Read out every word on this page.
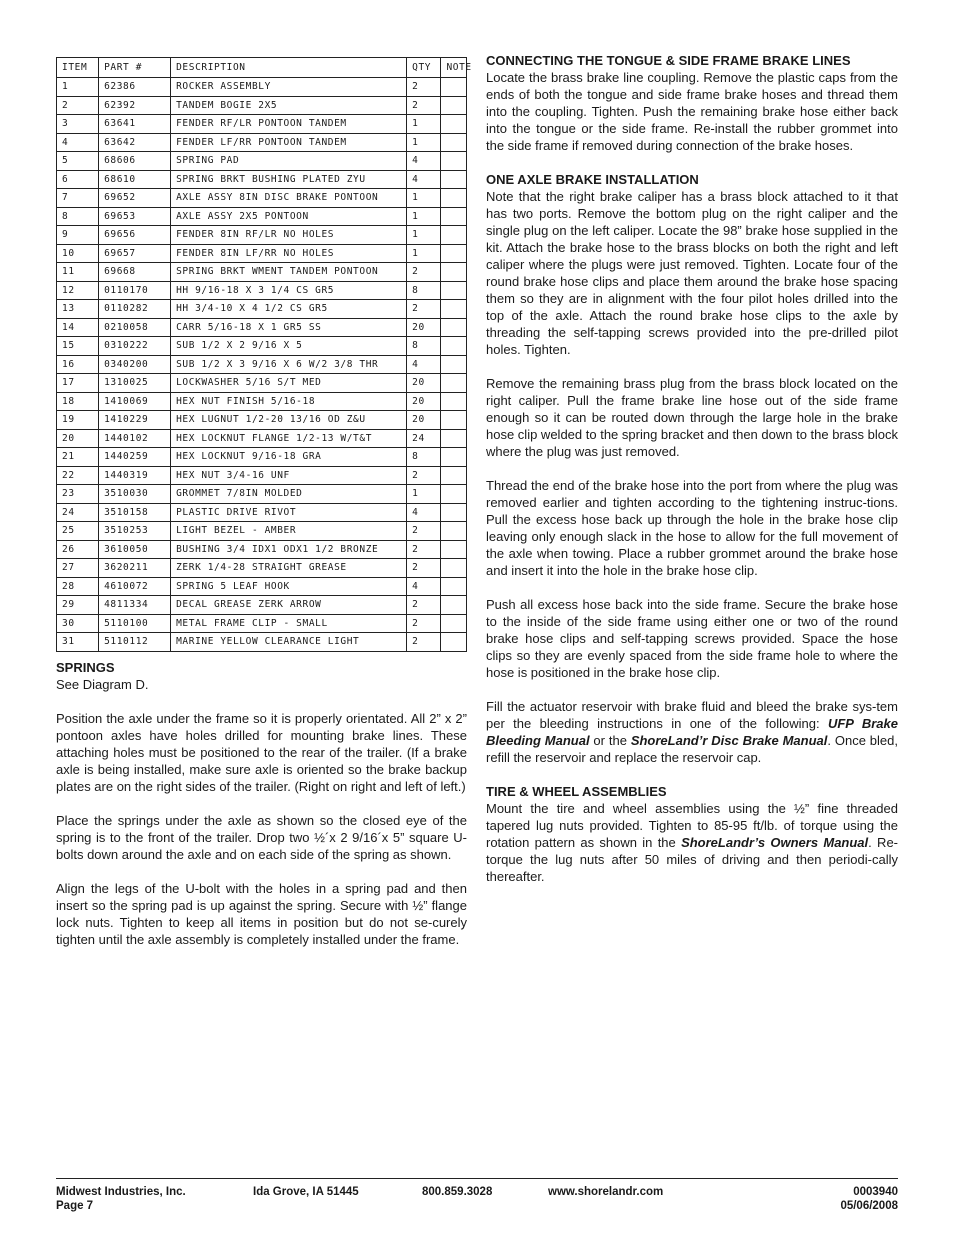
ITEM	PART #	DESCRIPTION	QTY	NOTE
1	62386	ROCKER ASSEMBLY	2	
2	62392	TANDEM BOGIE 2X5	2	
3	63641	FENDER RF/LR PONTOON TANDEM	1	
4	63642	FENDER LF/RR PONTOON TANDEM	1	
5	68606	SPRING PAD	4	
6	68610	SPRING BRKT BUSHING PLATED ZYU	4	
7	69652	AXLE ASSY 8IN DISC BRAKE PONTOON	1	
8	69653	AXLE ASSY 2X5 PONTOON	1	
9	69656	FENDER 8IN RF/LR NO HOLES	1	
10	69657	FENDER 8IN LF/RR NO HOLES	1	
11	69668	SPRING BRKT WMENT TANDEM PONTOON	2	
12	0110170	HH 9/16-18 X 3 1/4 CS GR5	8	
13	0110282	HH 3/4-10 X 4 1/2 CS GR5	2	
14	0210058	CARR 5/16-18 X 1 GR5 SS	20	
15	0310222	SUB 1/2 X 2 9/16 X 5	8	
16	0340200	SUB 1/2 X 3 9/16 X 6 W/2 3/8 THR	4	
17	1310025	LOCKWASHER 5/16 S/T MED	20	
18	1410069	HEX NUT FINISH 5/16-18	20	
19	1410229	HEX LUGNUT 1/2-20 13/16 OD Z&U	20	
20	1440102	HEX LOCKNUT FLANGE 1/2-13 W/T&T	24	
21	1440259	HEX LOCKNUT 9/16-18 GRA	8	
22	1440319	HEX NUT 3/4-16 UNF	2	
23	3510030	GROMMET 7/8IN MOLDED	1	
24	3510158	PLASTIC DRIVE RIVOT	4	
25	3510253	LIGHT BEZEL - AMBER	2	
26	3610050	BUSHING 3/4 IDX1 ODX1 1/2 BRONZE	2	
27	3620211	ZERK 1/4-28 STRAIGHT GREASE	2	
28	4610072	SPRING 5 LEAF HOOK	4	
29	4811334	DECAL GREASE ZERK ARROW	2	
30	5110100	METAL FRAME CLIP - SMALL	2	
31	5110112	MARINE YELLOW CLEARANCE LIGHT	2	
SPRINGS

See Diagram D.

Position the axle under the frame so it is properly orientated. All 2” x 2” pontoon axles have holes drilled for mounting brake lines. These attaching holes must be positioned to the rear of the trailer. (If a brake axle is being installed, make sure axle is oriented so the brake backup plates are on the right sides of the trailer. (Right on right and left of left.)

Place the springs under the axle as shown so the closed eye of the spring is to the front of the trailer. Drop two ½´x 2 9/16´x 5” square U-bolts down around the axle and on each side of the spring as shown.

Align the legs of the U-bolt with the holes in a spring pad and then insert so the spring pad is up against the spring. Secure with ½” flange lock nuts. Tighten to keep all items in position but do not se-curely tighten until the axle assembly is completely installed under the frame.

CONNECTING THE TONGUE & SIDE FRAME BRAKE LINES

Locate the brass brake line coupling. Remove the plastic caps from the ends of both the tongue and side frame brake hoses and thread them into the coupling. Tighten. Push the remaining brake hose either back into the tongue or the side frame. Re-install the rubber grommet into the side frame if removed during connection of the brake hoses.

ONE AXLE BRAKE INSTALLATION

Note that the right brake caliper has a brass block attached to it that has two ports. Remove the bottom plug on the right caliper and the single plug on the left caliper. Locate the 98” brake hose supplied in the kit. Attach the brake hose to the brass blocks on both the right and left caliper where the plugs were just removed. Tighten. Locate four of the round brake hose clips and place them around the brake hose spacing them so they are in alignment with the four pilot holes drilled into the top of the axle. Attach the round brake hose clips to the axle by threading the self-tapping screws provided into the pre-drilled pilot holes. Tighten.

Remove the remaining brass plug from the brass block located on the right caliper. Pull the frame brake line hose out of the side frame enough so it can be routed down through the large hole in the brake hose clip welded to the spring bracket and then down to the brass block where the plug was just removed.

Thread the end of the brake hose into the port from where the plug was removed earlier and tighten according to the tightening instruc-tions. Pull the excess hose back up through the hole in the brake hose clip leaving only enough slack in the hose to allow for the full movement of the axle when towing. Place a rubber grommet around the brake hose and insert it into the hole in the brake hose clip.

Push all excess hose back into the side frame. Secure the brake hose to the inside of the side frame using either one or two of the round brake hose clips and self-tapping screws provided. Space the hose clips so they are evenly spaced from the side frame hole to where the hose is positioned in the brake hose clip.

Fill the actuator reservoir with brake fluid and bleed the brake sys-tem per the bleeding instructions in one of the following: UFP Brake Bleeding Manual or the ShoreLand’r Disc Brake Manual. Once bled, refill the reservoir and replace the reservoir cap.

TIRE & WHEEL ASSEMBLIES

Mount the tire and wheel assemblies using the ½” fine threaded tapered lug nuts provided. Tighten to 85-95 ft/lb. of torque using the rotation pattern as shown in the ShoreLandr’s Owners Manual. Re-torque the lug nuts after 50 miles of driving and then periodi-cally thereafter.

Midwest Industries, Inc.
Page 7
Ida Grove, IA 51445	800.859.3028	www.shorelandr.com	0003940
05/06/2008
